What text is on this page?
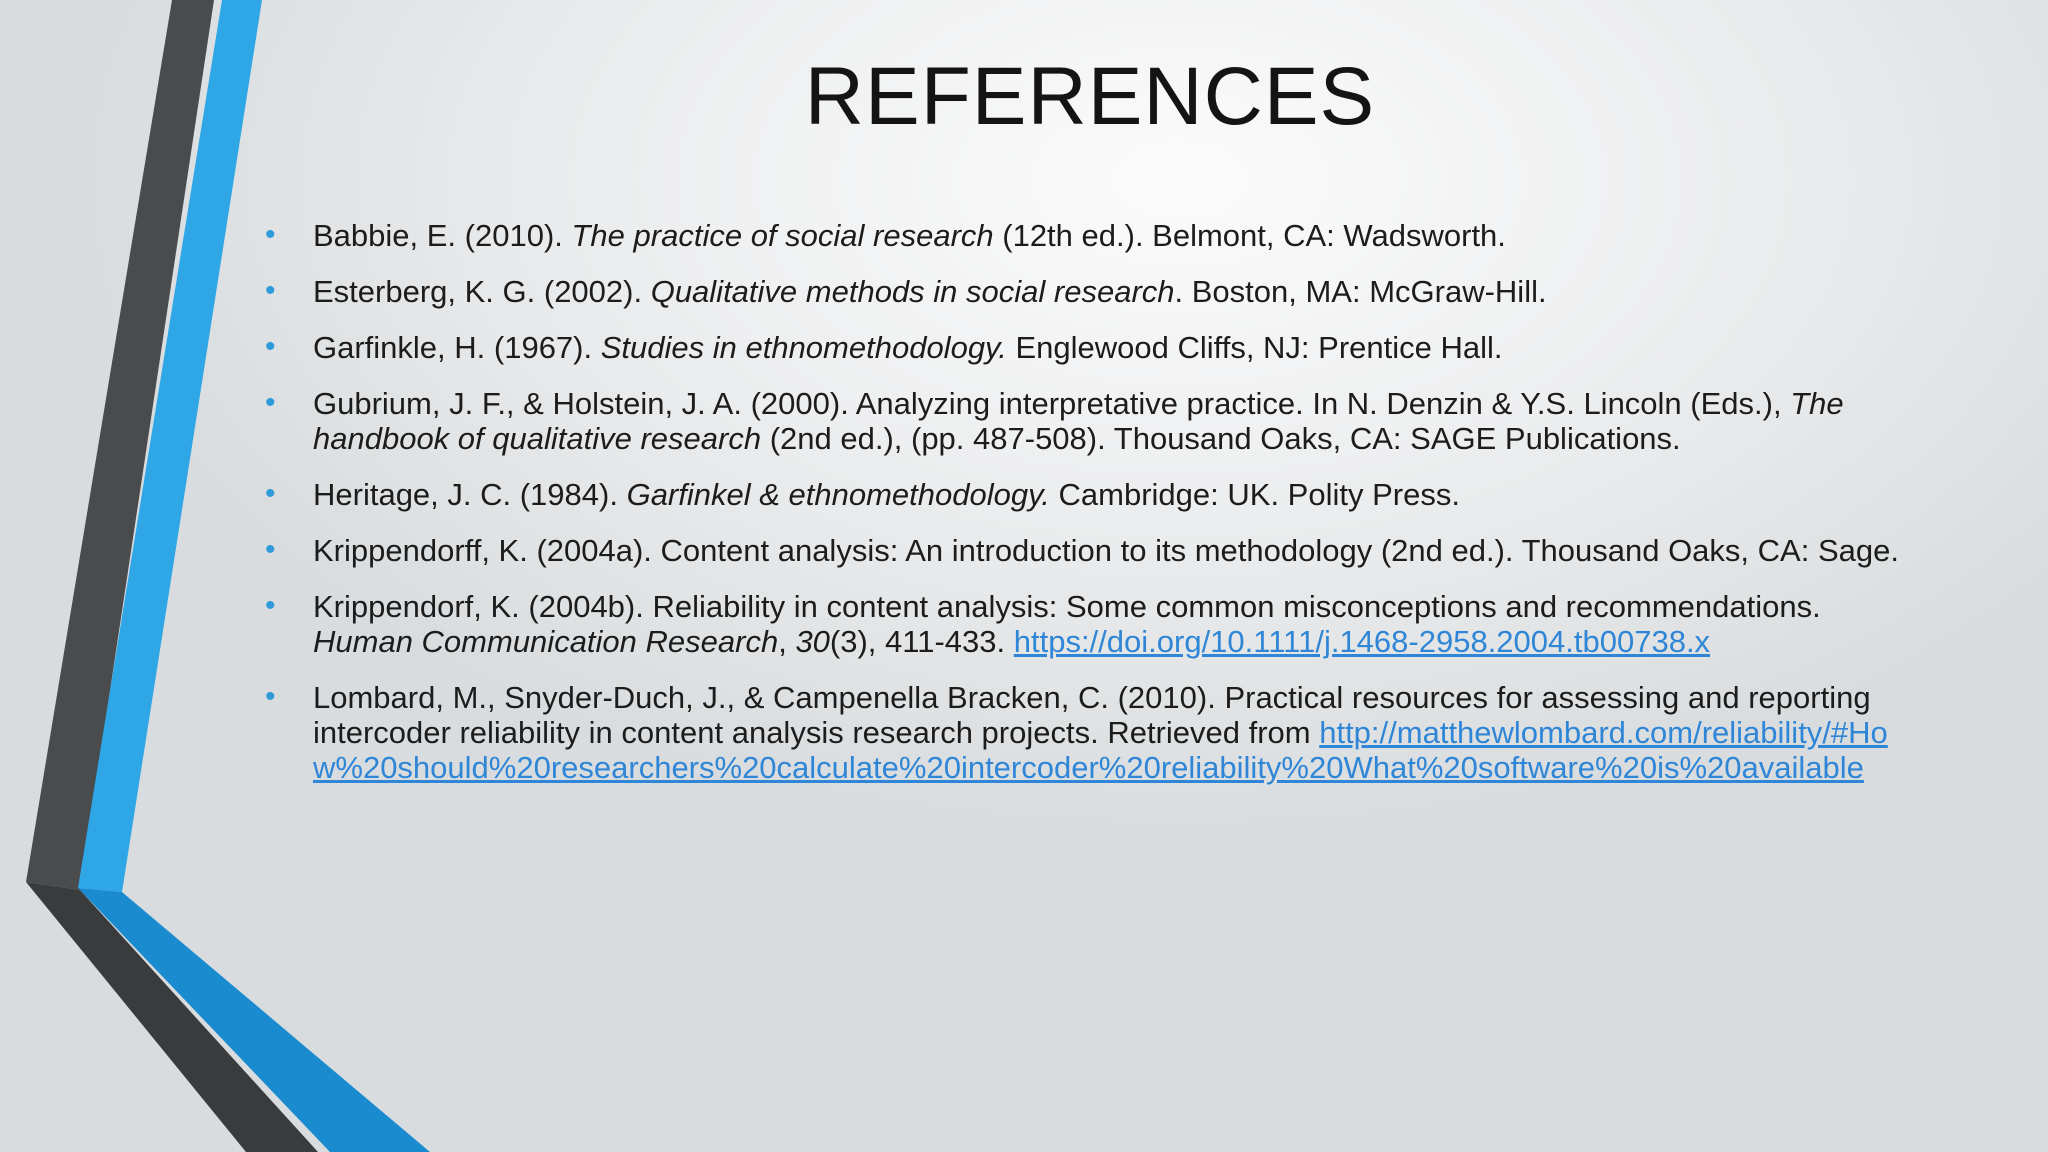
REFERENCES
• Babbie, E. (2010). The practice of social research (12th ed.). Belmont, CA: Wadsworth.
• Esterberg, K. G. (2002). Qualitative methods in social research. Boston, MA: McGraw-Hill.
• Garfinkle, H. (1967). Studies in ethnomethodology. Englewood Cliffs, NJ: Prentice Hall.
• Gubrium, J. F., & Holstein, J. A. (2000). Analyzing interpretative practice. In N. Denzin & Y.S. Lincoln (Eds.), The handbook of qualitative research (2nd ed.), (pp. 487-508). Thousand Oaks, CA: SAGE Publications.
• Heritage, J. C. (1984). Garfinkel & ethnomethodology. Cambridge: UK. Polity Press.
• Krippendorff, K. (2004a). Content analysis: An introduction to its methodology (2nd ed.). Thousand Oaks, CA: Sage.
• Krippendorf, K. (2004b). Reliability in content analysis: Some common misconceptions and recommendations. Human Communication Research, 30(3), 411-433. https://doi.org/10.1111/j.1468-2958.2004.tb00738.x
• Lombard, M., Snyder-Duch, J., & Campenella Bracken, C. (2010). Practical resources for assessing and reporting intercoder reliability in content analysis research projects. Retrieved from http://matthewlombard.com/reliability/#How%20should%20researchers%20calculate%20intercoder%20reliability%20What%20software%20is%20available
